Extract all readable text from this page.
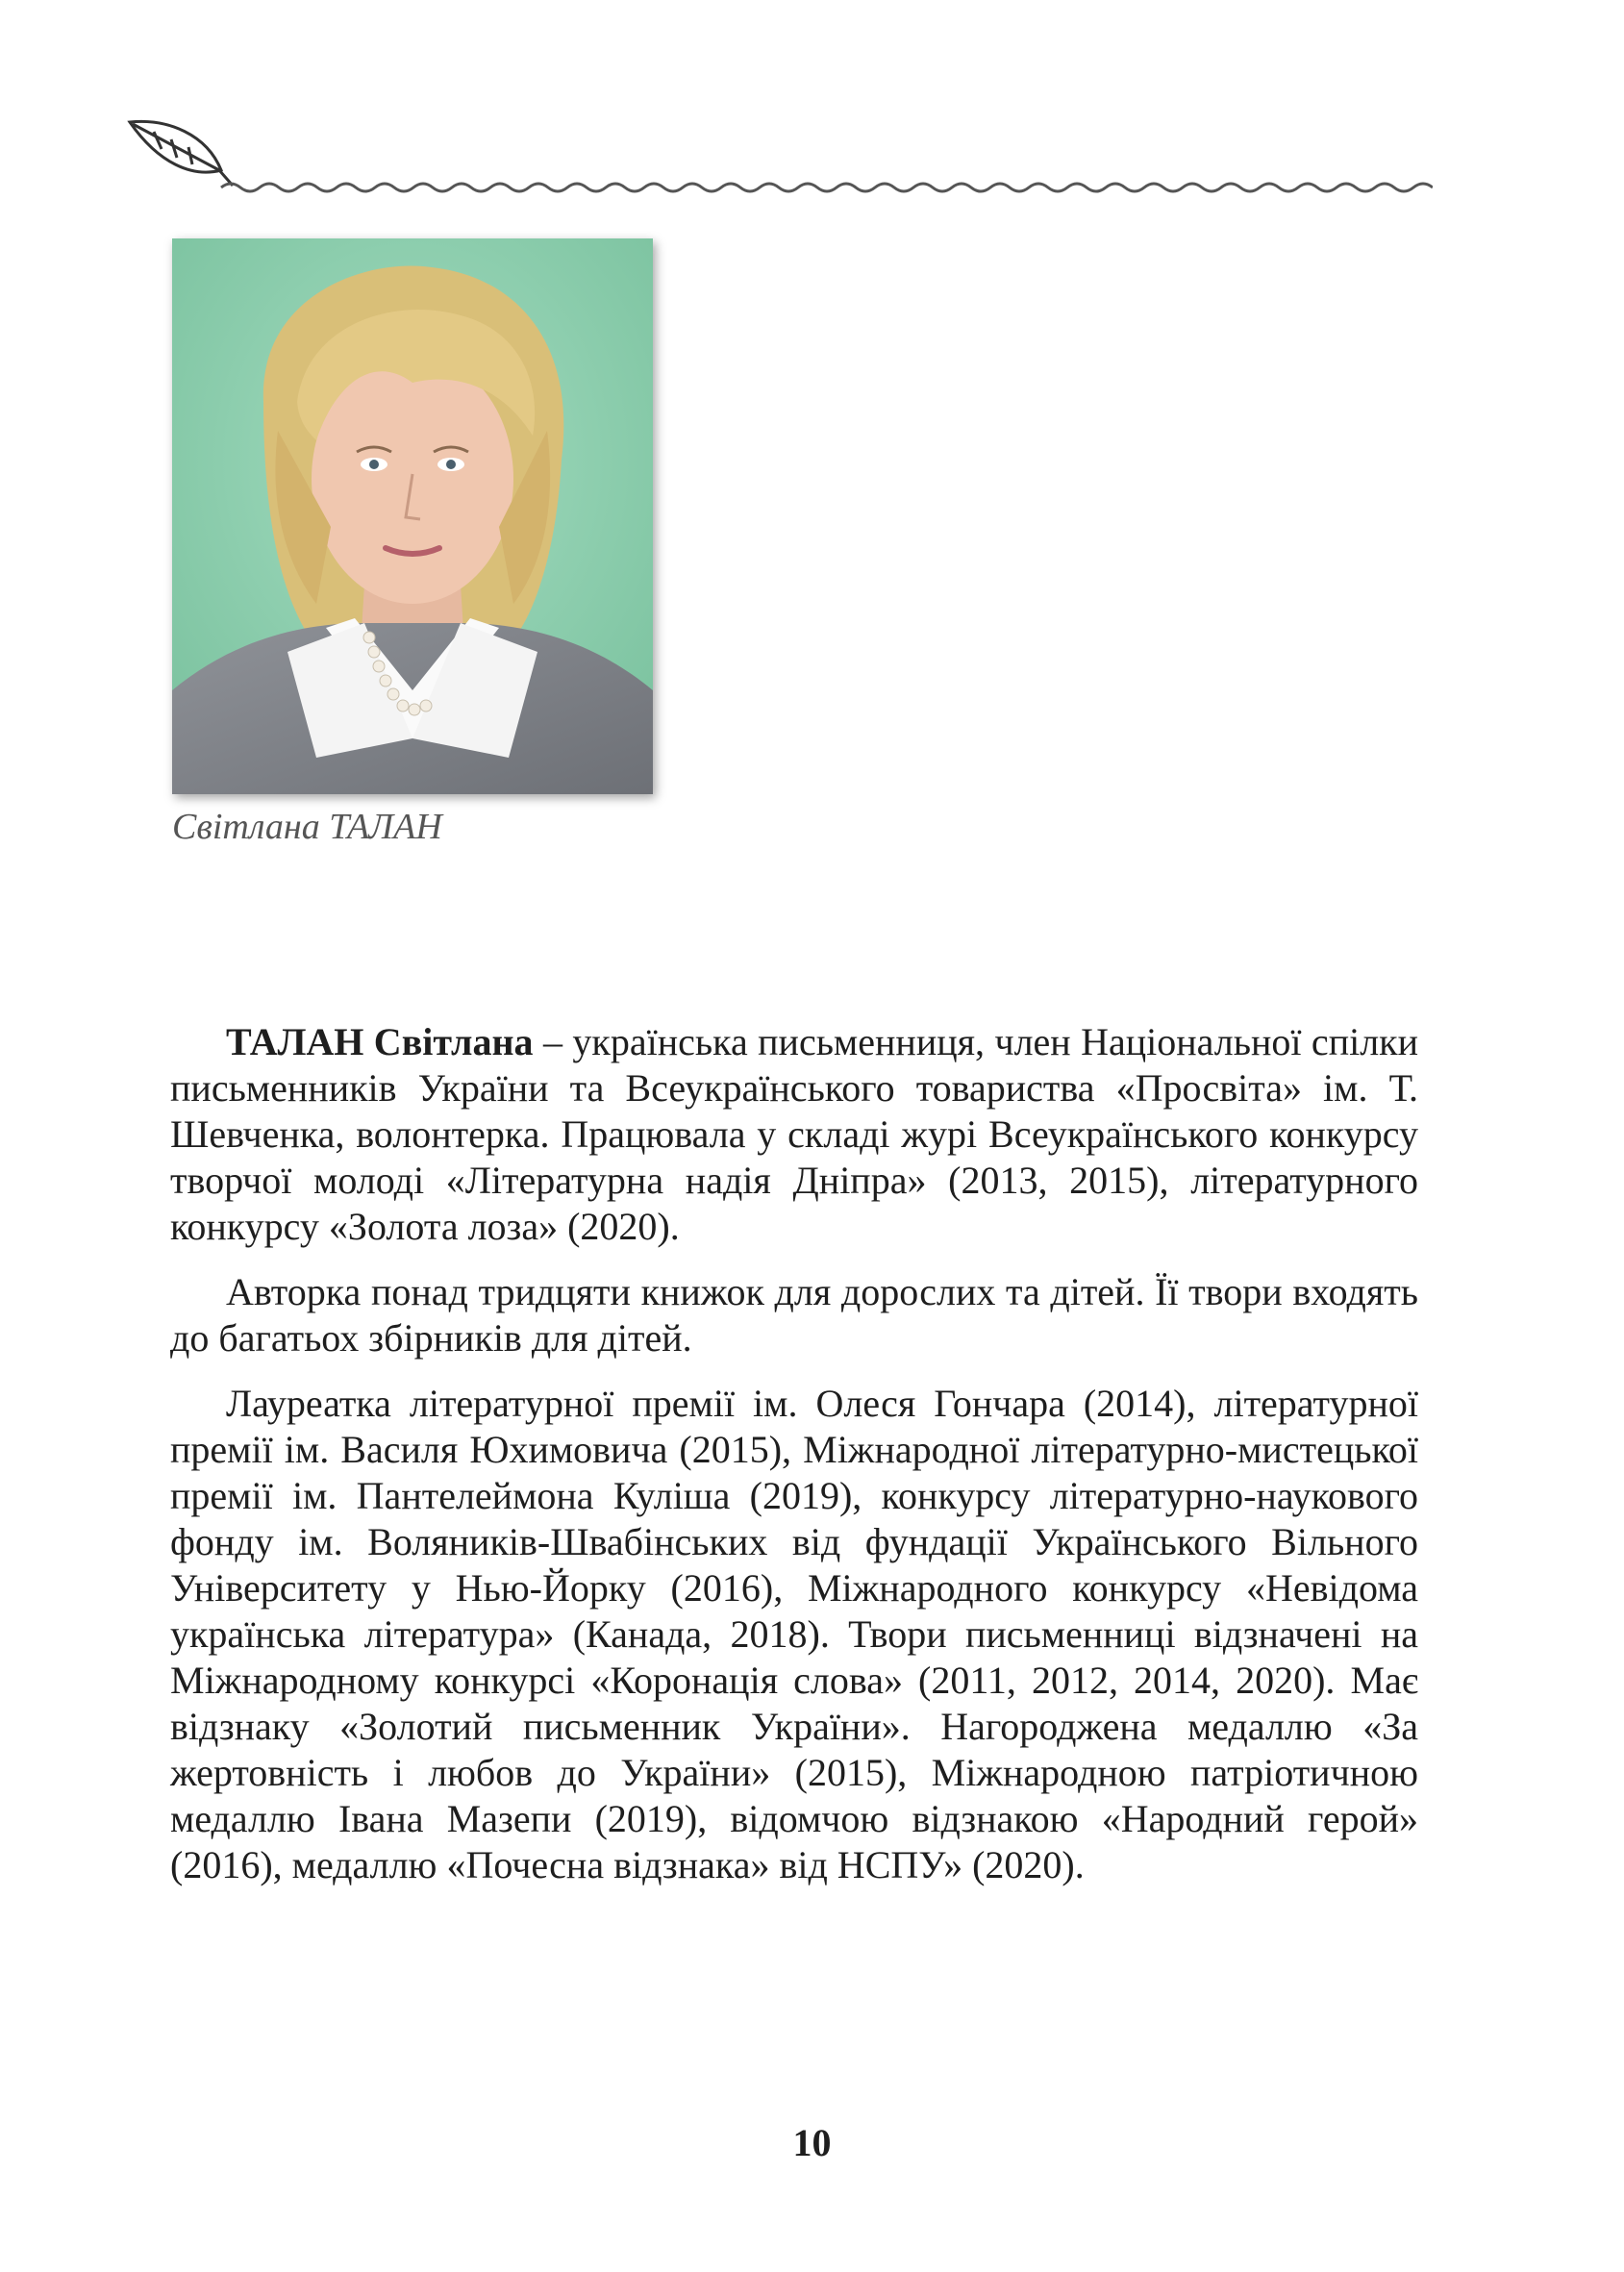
Світлана ТАЛАН

ТАЛАН Світлана – українська письменниця, член Національної спілки письменників України та Всеукраїнського товариства «Просвіта» ім. Т. Шевченка, волонтерка. Працювала у складі журі Всеукраїнського конкурсу творчої молоді «Літературна надія Дніпра» (2013, 2015), літературного конкурсу «Золота лоза» (2020).

Авторка понад тридцяти книжок для дорослих та дітей. Її твори входять до багатьох збірників для дітей.

Лауреатка літературної премії ім. Олеся Гончара (2014), літературної премії ім. Василя Юхимовича (2015), Міжнародної літературно-мистецької премії ім. Пантелеймона Куліша (2019), конкурсу літературно-наукового фонду ім. Воляників-Швабінських від фундації Українського Вільного Університету у Нью-Йорку (2016), Міжнародного конкурсу «Невідома українська література» (Канада, 2018). Твори письменниці відзначені на Міжнародному конкурсі «Коронація слова» (2011, 2012, 2014, 2020). Має відзнаку «Золотий письменник України». Нагороджена медаллю «За жертовність і любов до України» (2015), Міжнародною патріотичною медаллю Івана Мазепи (2019), відомчою відзнакою «Народний герой» (2016), медаллю «Почесна відзнака» від НСПУ» (2020).

10
